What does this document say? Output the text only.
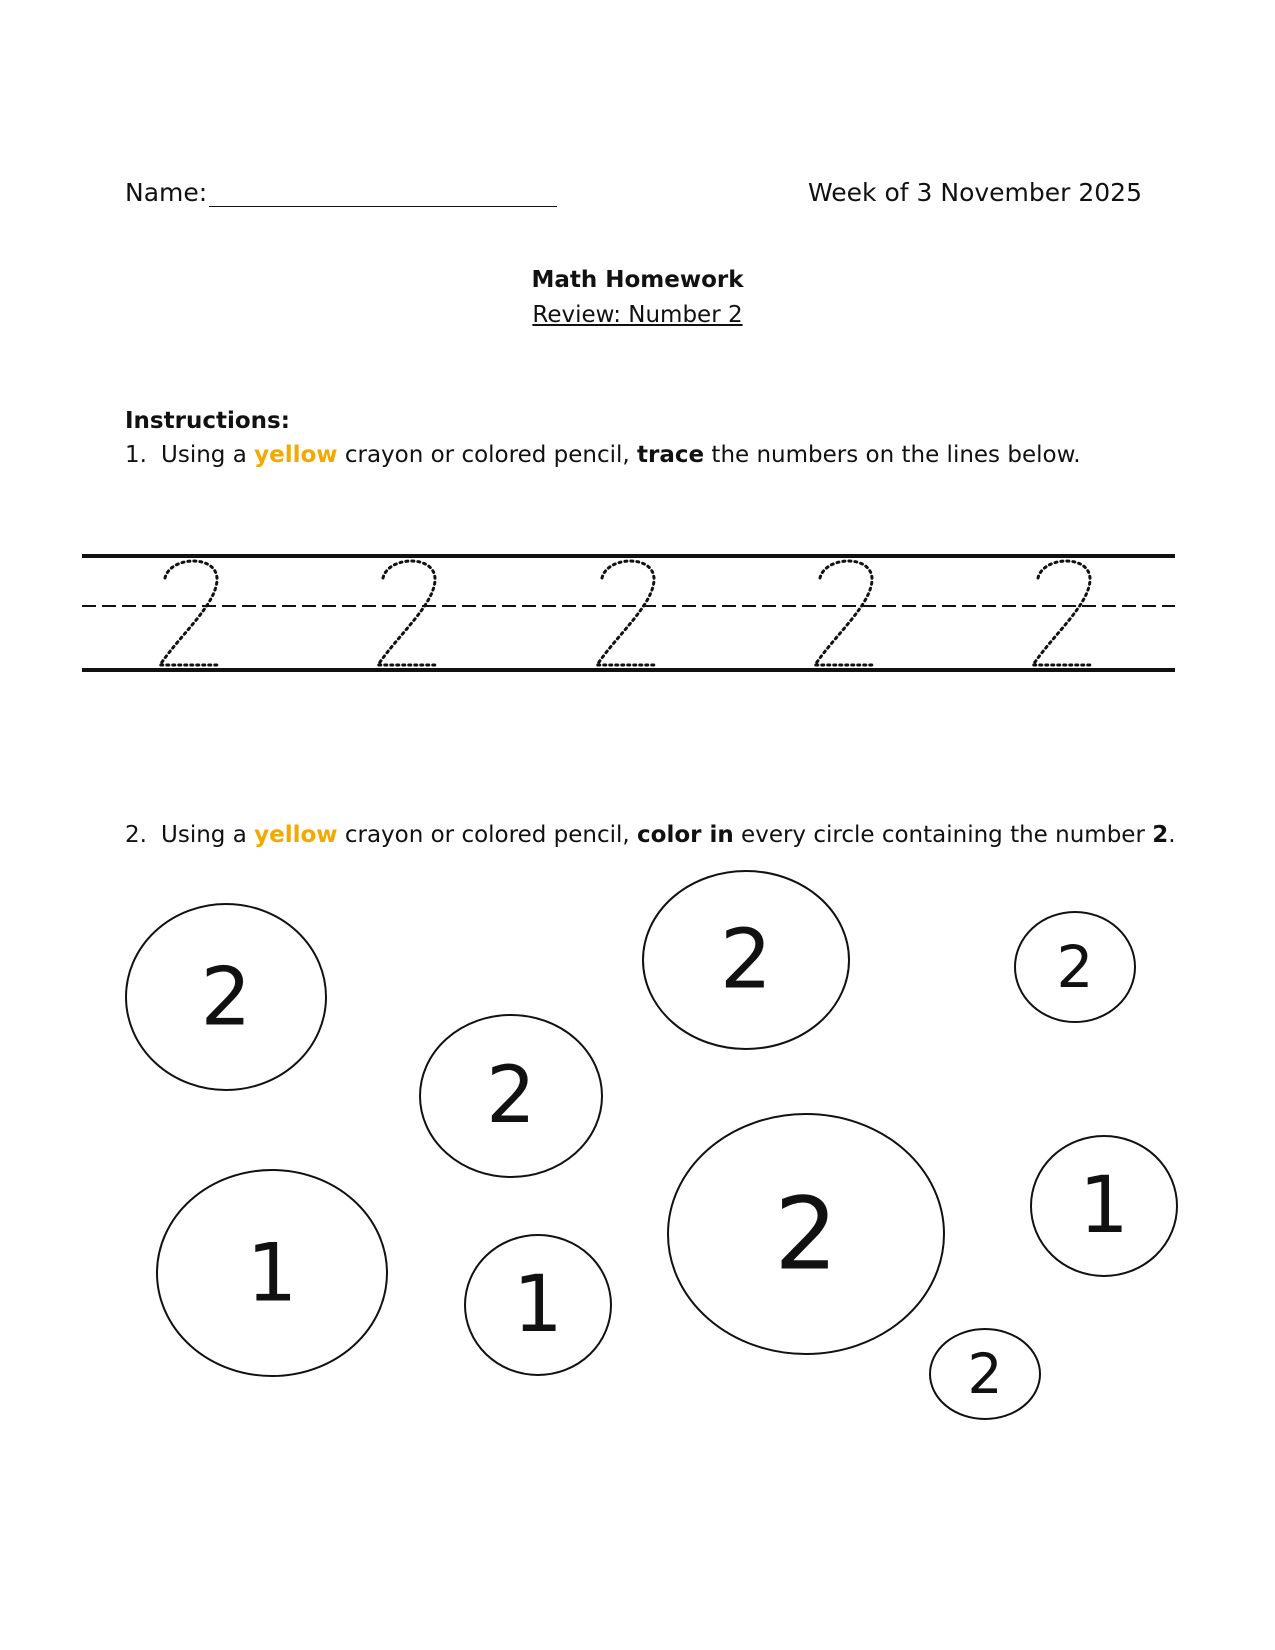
Name:	Week of 3 November 2025
Math Homework
Review: Number 2
Instructions:
1. Using a yellow crayon or colored pencil, trace the numbers on the lines below.
2	2	2
2
1	1
2	1
2
2. Using a yellow crayon or colored pencil, color in every circle containing the number 2.
